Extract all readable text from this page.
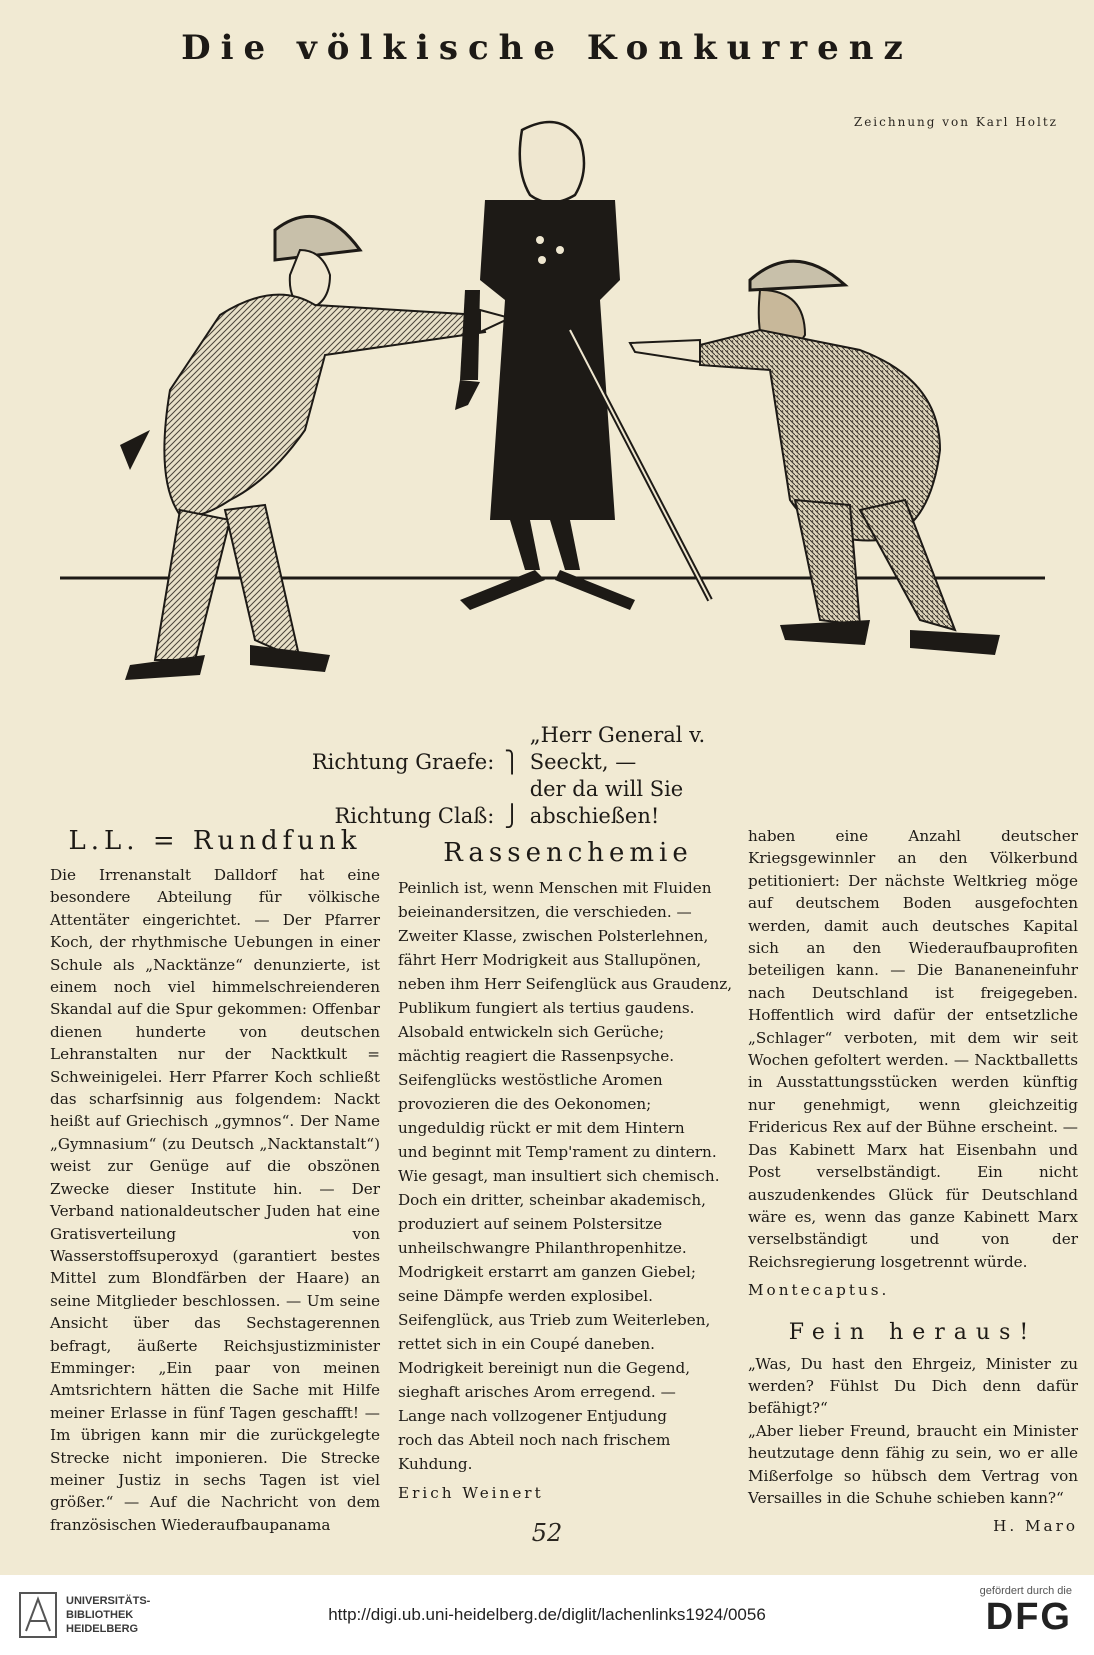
Die völkische Konkurrenz
Zeichnung von Karl Holtz
Richtung Graefe: ⎫ „Herr General v. Seeckt, —
Richtung Claß: ⎭ der da will Sie abschießen!
L.L. = Rundfunk

Die Irrenanstalt Dalldorf hat eine besondere Abteilung für völkische Attentäter eingerichtet. — Der Pfarrer Koch, der rhythmische Uebungen in einer Schule als „Nacktänze“ denunzierte, ist einem noch viel himmelschreienderen Skandal auf die Spur gekommen: Offenbar dienen hunderte von deutschen Lehranstalten nur der Nacktkult = Schweinigelei. Herr Pfarrer Koch schließt das scharfsinnig aus folgendem: Nackt heißt auf Griechisch „gymnos“. Der Name „Gymnasium“ (zu Deutsch „Nacktanstalt“) weist zur Genüge auf die obszönen Zwecke dieser Institute hin. — Der Verband nationaldeutscher Juden hat eine Gratisverteilung von Wasserstoffsuperoxyd (garantiert bestes Mittel zum Blondfärben der Haare) an seine Mitglieder beschlossen. — Um seine Ansicht über das Sechstagerennen befragt, äußerte Reichsjustizminister Emminger: „Ein paar von meinen Amtsrichtern hätten die Sache mit Hilfe meiner Erlasse in fünf Tagen geschafft! — Im übrigen kann mir die zurückgelegte Strecke nicht imponieren. Die Strecke meiner Justiz in sechs Tagen ist viel größer.“ — Auf die Nachricht von dem französischen Wiederaufbaupanama

Rassenchemie

Peinlich ist, wenn Menschen mit Fluiden

beieinandersitzen, die verschieden. —

Zweiter Klasse, zwischen Polsterlehnen,

fährt Herr Modrigkeit aus Stallupönen,

neben ihm Herr Seifenglück aus Graudenz,

Publikum fungiert als tertius gaudens.

Alsobald entwickeln sich Gerüche;

mächtig reagiert die Rassenpsyche.

Seifenglücks westöstliche Aromen

provozieren die des Oekonomen;

ungeduldig rückt er mit dem Hintern

und beginnt mit Temp'rament zu dintern.

Wie gesagt, man insultiert sich chemisch.

Doch ein dritter, scheinbar akademisch,

produziert auf seinem Polstersitze

unheilschwangre Philanthropenhitze.

Modrigkeit erstarrt am ganzen Giebel;

seine Dämpfe werden explosibel.

Seifenglück, aus Trieb zum Weiterleben,

rettet sich in ein Coupé daneben.

Modrigkeit bereinigt nun die Gegend,

sieghaft arisches Arom erregend. —

Lange nach vollzogener Entjudung

roch das Abteil noch nach frischem Kuhdung.

Erich Weinert

haben eine Anzahl deutscher Kriegsgewinnler an den Völkerbund petitioniert: Der nächste Weltkrieg möge auf deutschem Boden ausgefochten werden, damit auch deutsches Kapital sich an den Wiederaufbauprofiten beteiligen kann. — Die Bananeneinfuhr nach Deutschland ist freigegeben. Hoffentlich wird dafür der entsetzliche „Schlager“ verboten, mit dem wir seit Wochen gefoltert werden. — Nacktballetts in Ausstattungsstücken werden künftig nur genehmigt, wenn gleichzeitig Fridericus Rex auf der Bühne erscheint. — Das Kabinett Marx hat Eisenbahn und Post verselbständigt. Ein nicht auszudenkendes Glück für Deutschland wäre es, wenn das ganze Kabinett Marx verselbständigt und von der Reichsregierung losgetrennt würde.

Montecaptus.

Fein heraus!

„Was, Du hast den Ehrgeiz, Minister zu werden? Fühlst Du Dich denn dafür befähigt?“

„Aber lieber Freund, braucht ein Minister heutzutage denn fähig zu sein, wo er alle Mißerfolge so hübsch dem Vertrag von Versailles in die Schuhe schieben kann?“

H. Maro

52
UNIVERSITÄTS-
BIBLIOTHEK
HEIDELBERG
http://digi.ub.uni-heidelberg.de/diglit/lachenlinks1924/0056
gefördert durch die
DFG
